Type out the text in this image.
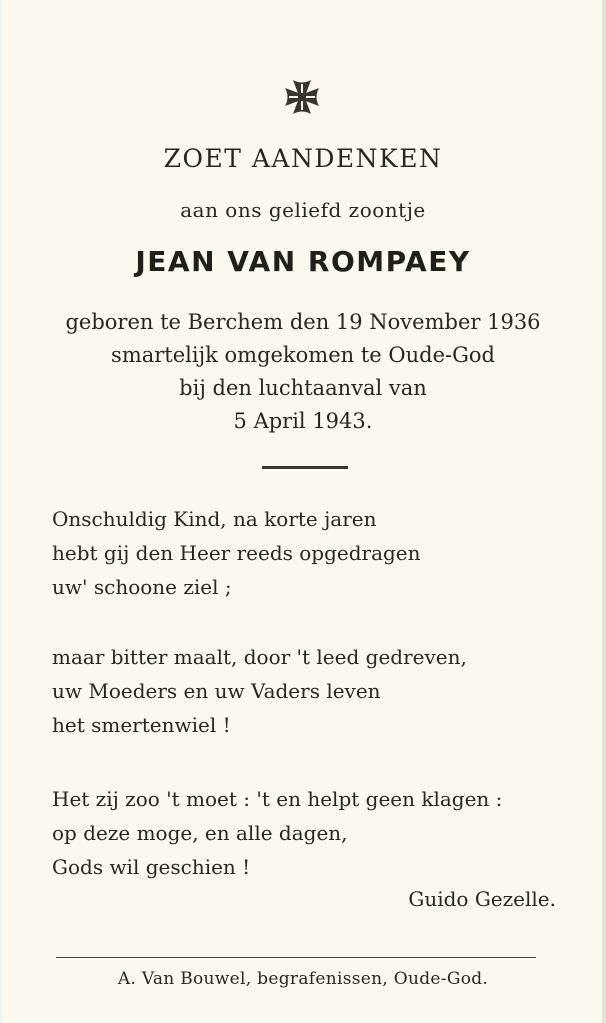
ZOET AANDENKEN
aan ons geliefd zoontje
JEAN VAN ROMPAEY
geboren te Berchem den 19 November 1936
smartelijk omgekomen te Oude-God
bij den luchtaanval van
5 April 1943.
Onschuldig Kind, na korte jaren
hebt gij den Heer reeds opgedragen
uw' schoone ziel ;
maar bitter maalt, door 't leed gedreven,
uw Moeders en uw Vaders leven
het smertenwiel !
Het zij zoo 't moet : 't en helpt geen klagen :
op deze moge, en alle dagen,
Gods wil geschien !
Guido Gezelle.
A. Van Bouwel, begrafenissen, Oude-God.
